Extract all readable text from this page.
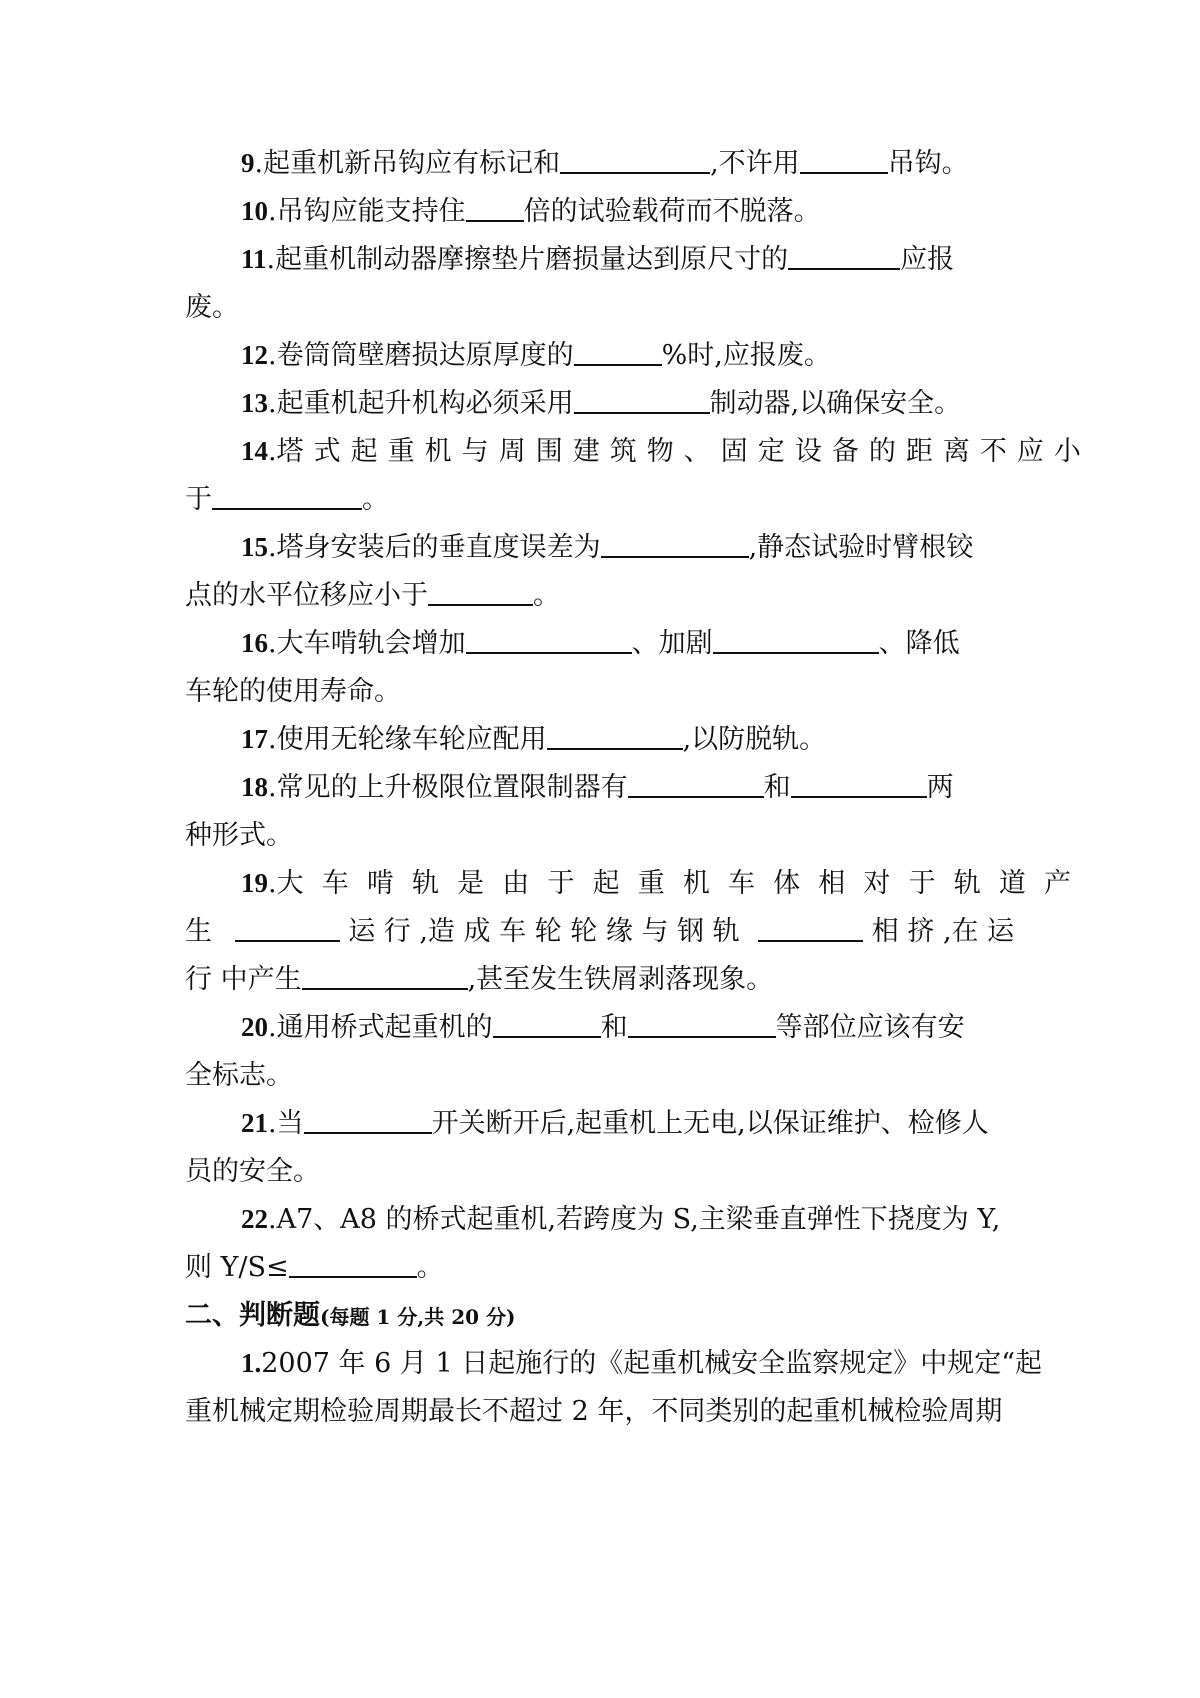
9.起重机新吊钩应有标记和	,不许用	吊钩。
10.吊钩应能支持住 倍的试验载荷而不脱落。
11.起重机制动器摩擦垫片磨损量达到原尺寸的	应报
废。
12.卷筒筒壁磨损达原厚度的	%时,应报废。
13.起重机起升机构必须采用	制动器,以确保安全。
14.塔 式 起 重 机 与 周 围 建 筑 物 、 固 定 设 备 的 距 离 不 应 小
于	。
15.塔身安装后的垂直度误差为	,静态试验时臂根铰
点的水平位移应小于	。
16.大车啃轨会增加	、加剧	、降低
车轮的使用寿命。
17.使用无轮缘车轮应配用	,以防脱轨。
18.常见的上升极限位置限制器有	和	两
种形式。
19.大 车 啃 轨 是 由 于 起 重 机 车 体 相 对 于 轨 道 产
生	运 行 ,造 成 车 轮 轮 缘 与 钢 轨	相 挤 ,在 运
行 中产生	,甚至发生铁屑剥落现象。
20.通用桥式起重机的	和	等部位应该有安
全标志。
21.当	开关断开后,起重机上无电,以保证维护、检修人
员的安全。
22.A7、A8 的桥式起重机,若跨度为 S,主梁垂直弹性下挠度为 Y,
则 Y/S≤	。
二、判断题(每题 1 分,共 20 分)
1.2007 年 6 月 1 日起施行的《起重机械安全监察规定》中规定“起
重机械定期检验周期最长不超过 2 年，不同类别的起重机械检验周期
